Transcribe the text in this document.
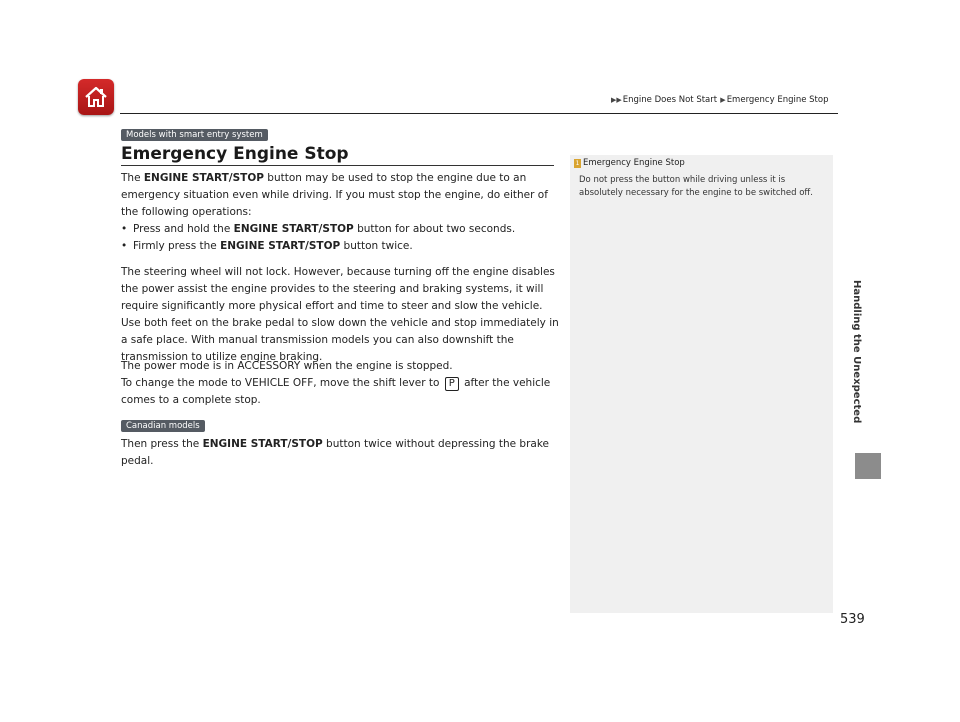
▶▶ Engine Does Not Start ▶ Emergency Engine Stop
Models with smart entry system
Emergency Engine Stop
The ENGINE START/STOP button may be used to stop the engine due to an emergency situation even while driving. If you must stop the engine, do either of the following operations:
• Press and hold the ENGINE START/STOP button for about two seconds.
• Firmly press the ENGINE START/STOP button twice.
The steering wheel will not lock. However, because turning off the engine disables the power assist the engine provides to the steering and braking systems, it will require significantly more physical effort and time to steer and slow the vehicle. Use both feet on the brake pedal to slow down the vehicle and stop immediately in a safe place. With manual transmission models you can also downshift the transmission to utilize engine braking.
The power mode is in ACCESSORY when the engine is stopped.
To change the mode to VEHICLE OFF, move the shift lever to P after the vehicle comes to a complete stop.
Canadian models
Then press the ENGINE START/STOP button twice without depressing the brake pedal.
1 Emergency Engine Stop
Do not press the button while driving unless it is absolutely necessary for the engine to be switched off.
Handling the Unexpected
539
